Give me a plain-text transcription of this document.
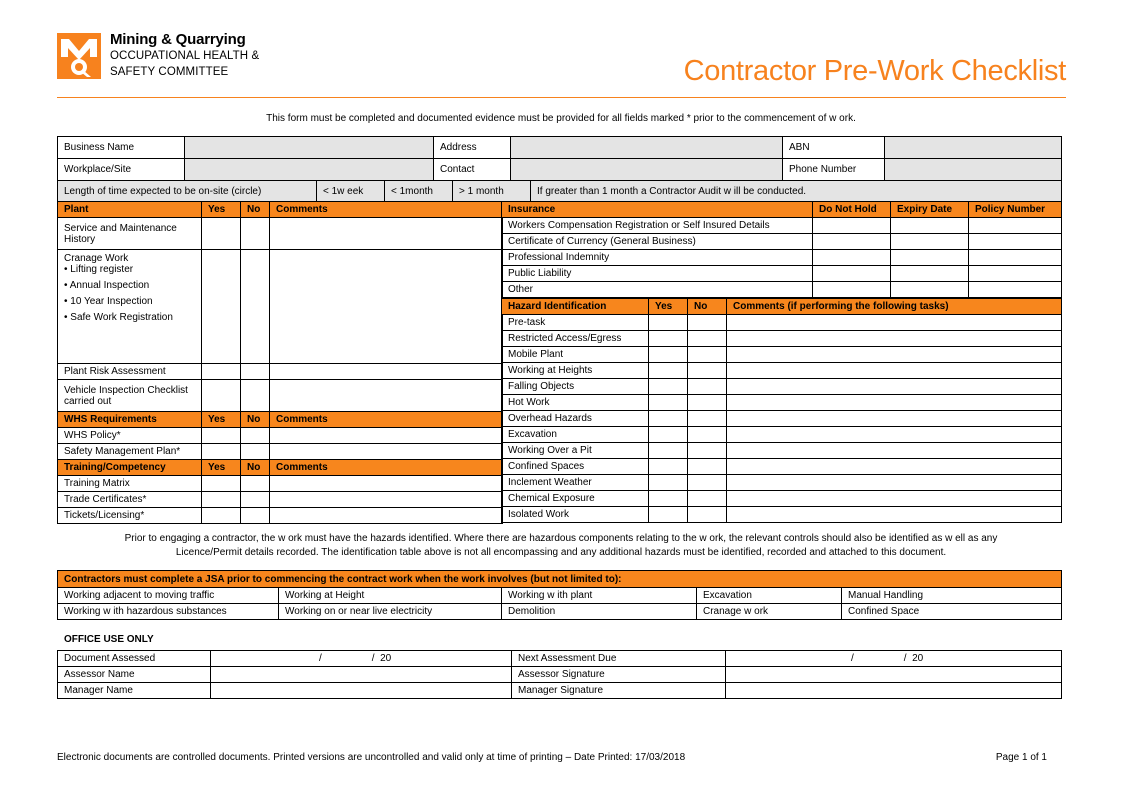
Mining & Quarrying
OCCUPATIONAL HEALTH &
SAFETY COMMITTEE	Contractor Pre-Work Checklist
This form must be completed and documented evidence must be provided for all fields marked * prior to the commencement of w ork.
Business Name		Address		ABN	
Workplace/Site		Contact		Phone Number	
Length of time expected to be on-site (circle)	< 1w eek	< 1month	> 1 month	If greater than 1 month a Contractor Audit w ill be conducted.
Plant	Yes	No	Comments
Service and Maintenance History			

Cranage Work
• Lifting register
• Annual Inspection
• 10 Year Inspection
• Safe Work Registration			

Plant Risk Assessment			
Vehicle Inspection Checklist carried out			
WHS Requirements	Yes	No	Comments
WHS Policy*			
Safety Management Plan*			
Training/Competency	Yes	No	Comments
Training Matrix			
Trade Certificates*			
Tickets/Licensing*			
Insurance	Do Not Hold	Expiry Date	Policy Number
Workers Compensation Registration or Self Insured Details			
Certificate of Currency (General Business)			
Professional Indemnity			
Public Liability			
Other			
Hazard Identification	Yes	No	Comments (if performing the following tasks)
Pre-task			
Restricted Access/Egress			
Mobile Plant			
Working at Heights			
Falling Objects			
Hot Work			
Overhead Hazards			
Excavation			
Working Over a Pit			
Confined Spaces			
Inclement Weather			
Chemical Exposure			
Isolated Work			
Prior to engaging a contractor, the w ork must have the hazards identified. Where there are hazardous components relating to the w ork, the relevant controls should also be identified as w ell as any Licence/Permit details recorded. The identification table above is not all encompassing and any additional hazards must be identified, recorded and attached to this document.
Contractors must complete a JSA prior to commencing the contract work when the work involves (but not limited to):				
Working adjacent to moving traffic	Working at Height	Working w ith plant	Excavation	Manual Handling
Working w ith hazardous substances	Working on or near live electricity	Demolition	Cranage w ork	Confined Space
OFFICE USE ONLY
Document Assessed	/                  /  20	Next Assessment Due	/                  /  20
Assessor Name		Assessor Signature	
Manager Name		Manager Signature	
Electronic documents are controlled documents. Printed versions are uncontrolled and valid only at time of printing – Date Printed: 17/03/2018	Page 1 of 1
